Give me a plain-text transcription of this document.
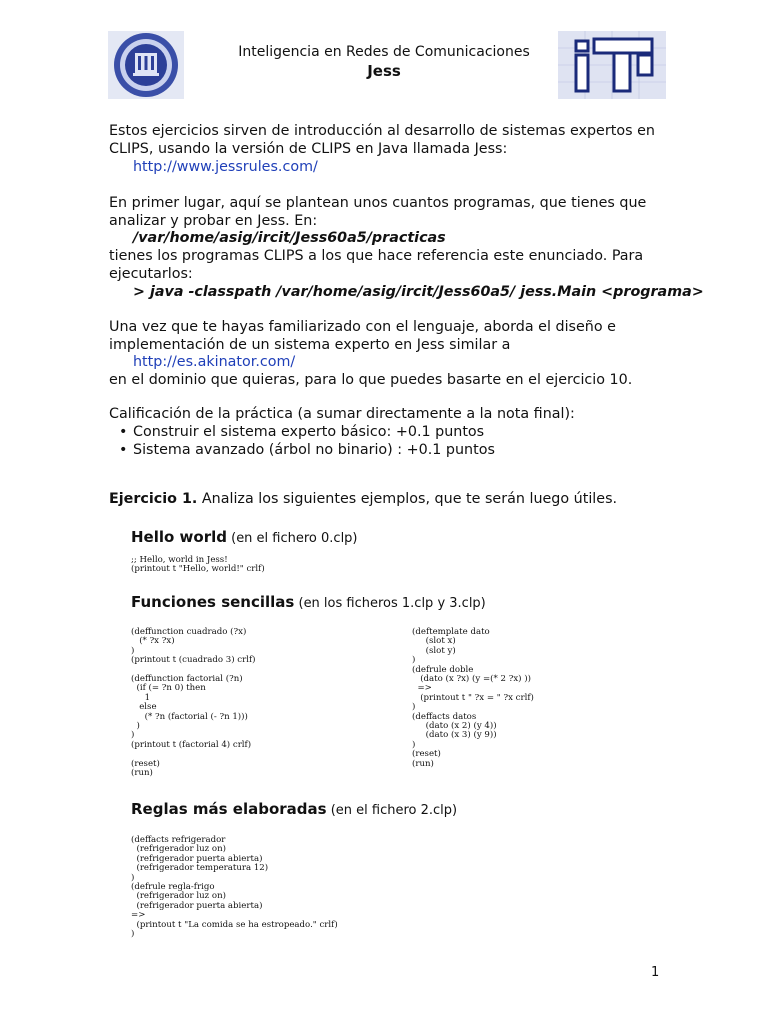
Inteligencia en Redes de Comunicaciones
Jess
Estos ejercicios sirven de introducción al desarrollo de sistemas expertos en
CLIPS, usando la versión de CLIPS en Java llamada Jess:
http://www.jessrules.com/
En primer lugar, aquí se plantean unos cuantos programas, que tienes que
analizar y probar en Jess. En:
/var/home/asig/ircit/Jess60a5/practicas
tienes los programas CLIPS a los que hace referencia este enunciado. Para
ejecutarlos:
> java -classpath /var/home/asig/ircit/Jess60a5/ jess.Main <programa>
Una vez que te hayas familiarizado con el lenguaje, aborda el diseño e
implementación de un sistema experto en Jess similar a
http://es.akinator.com/
en el dominio que quieras, para lo que puedes basarte en el ejercicio 10.
Calificación de la práctica (a sumar directamente a la nota final):
• Construir el sistema experto básico: +0.1 puntos
• Sistema avanzado (árbol no binario) : +0.1 puntos
Ejercicio 1. Analiza los siguientes ejemplos, que te serán luego útiles.
Hello world (en el fichero 0.clp)
;; Hello, world in Jess!
(printout t "Hello, world!" crlf)
Funciones sencillas (en los ficheros 1.clp y 3.clp)
(deffunction cuadrado (?x)
(* ?x ?x)
)
(printout t (cuadrado 3) crlf)

(deffunction factorial (?n)
(if (= ?n 0) then
1
else
(* ?n (factorial (- ?n 1)))
)
)
(printout t (factorial 4) crlf)

(reset)
(run)
(deftemplate dato
(slot x)
(slot y)
)
(defrule doble
(dato (x ?x) (y =(* 2 ?x) ))
=>
(printout t " ?x = " ?x crlf)
)
(deffacts datos
(dato (x 2) (y 4))
(dato (x 3) (y 9))
)
(reset)
(run)
Reglas más elaboradas (en el fichero 2.clp)
(deffacts refrigerador
(refrigerador luz on)
(refrigerador puerta abierta)
(refrigerador temperatura 12)
)
(defrule regla-frigo
(refrigerador luz on)
(refrigerador puerta abierta)
=>
(printout t "La comida se ha estropeado." crlf)
)
1
